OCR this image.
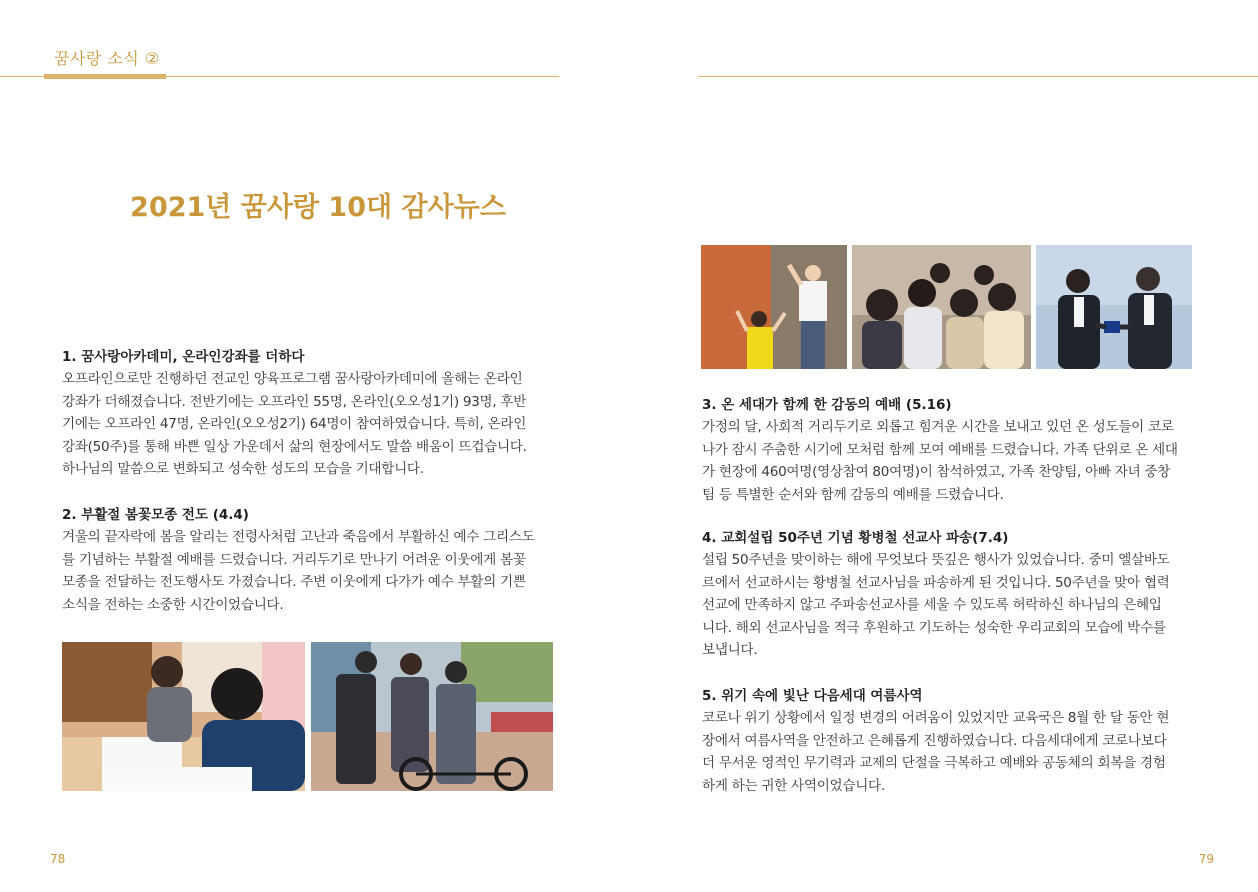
꿈사랑 소식 ②
2021년 꿈사랑 10대 감사뉴스
1. 꿈사랑아카데미, 온라인강좌를 더하다

오프라인으로만 진행하던 전교인 양육프로그램 꿈사랑아카데미에 올해는 온라인

강좌가 더해졌습니다. 전반기에는 오프라인 55명, 온라인(오오성1기) 93명, 후반

기에는 오프라인 47명, 온라인(오오성2기) 64명이 참여하였습니다. 특히, 온라인

강좌(50주)를 통해 바쁜 일상 가운데서 삶의 현장에서도 말씀 배움이 뜨겁습니다.

하나님의 말씀으로 변화되고 성숙한 성도의 모습을 기대합니다.

2. 부활절 봄꽃모종 전도 (4.4)

겨울의 끝자락에 봄을 알리는 전령사처럼 고난과 죽음에서 부활하신 예수 그리스도

를 기념하는 부활절 예배를 드렸습니다. 거리두기로 만나기 어려운 이웃에게 봄꽃

모종을 전달하는 전도행사도 가졌습니다. 주변 이웃에게 다가가 예수 부활의 기쁜

소식을 전하는 소중한 시간이었습니다.

3. 온 세대가 함께 한 감동의 예배 (5.16)

가정의 달, 사회적 거리두기로 외롭고 힘겨운 시간을 보내고 있던 온 성도들이 코로

나가 잠시 주춤한 시기에 모처럼 함께 모여 예배를 드렸습니다. 가족 단위로 온 세대

가 현장에 460여명(영상참여 80여명)이 참석하였고, 가족 찬양팀, 아빠 자녀 중창

팀 등 특별한 순서와 함께 감동의 예배를 드렸습니다.

4. 교회설립 50주년 기념 황병철 선교사 파송(7.4)

설립 50주년을 맞이하는 해에 무엇보다 뜻깊은 행사가 있었습니다. 중미 엘살바도

르에서 선교하시는 황병철 선교사님을 파송하게 된 것입니다. 50주년을 맞아 협력

선교에 만족하지 않고 주파송선교사를 세울 수 있도록 허락하신 하나님의 은혜입

니다. 해외 선교사님을 적극 후원하고 기도하는 성숙한 우리교회의 모습에 박수를

보냅니다.

5. 위기 속에 빛난 다음세대 여름사역

코로나 위기 상황에서 일정 변경의 어려움이 있었지만 교육국은 8월 한 달 동안 현

장에서 여름사역을 안전하고 은혜롭게 진행하였습니다. 다음세대에게 코로나보다

더 무서운 영적인 무기력과 교제의 단절을 극복하고 예배와 공동체의 회복을 경험

하게 하는 귀한 사역이었습니다.

78	79
